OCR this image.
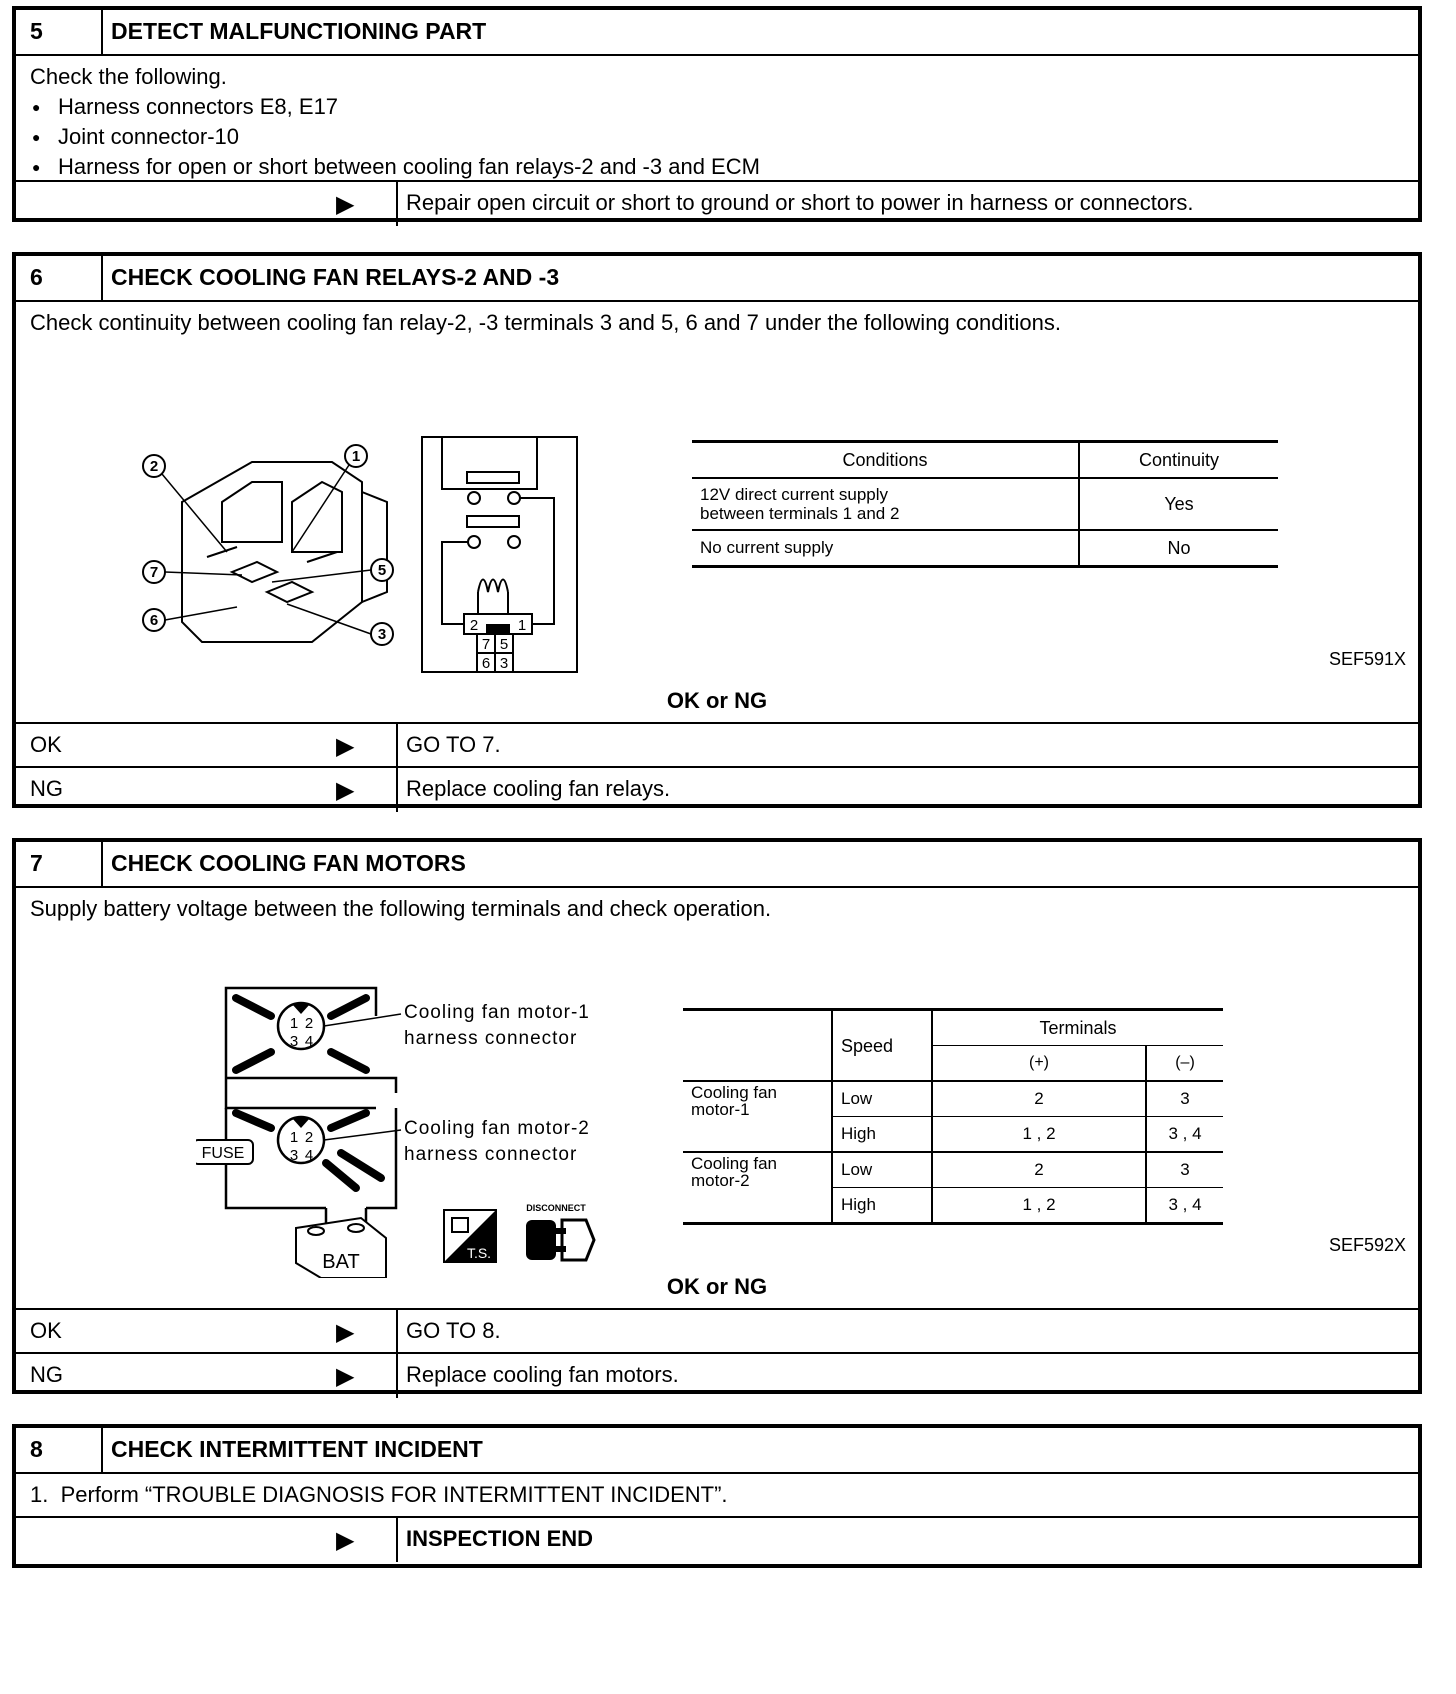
5	DETECT MALFUNCTIONING PART
Check the following.
● Harness connectors E8, E17
● Joint connector-10
● Harness for open or short between cooling fan relays-2 and -3 and ECM
▶	Repair open circuit or short to ground or short to power in harness or connectors.
6	CHECK COOLING FAN RELAYS-2 AND -3
Check continuity between cooling fan relay-2, -3 terminals 3 and 5, 6 and 7 under the following conditions.
2
1
7	5
6
3
2	1
7 5
6 3
Conditions	Continuity
12V direct current supply between terminals 1 and 2	Yes
No current supply	No
SEF591X
OK or NG
OK	▶	GO TO 7.
NG	▶	Replace cooling fan relays.
7	CHECK COOLING FAN MOTORS
Supply battery voltage between the following terminals and check operation.
1 2
3 4
1 2
3 4
Cooling fan motor-1
harness connector
Cooling fan motor-2
harness connector
FUSE
BAT	T.S.
DISCONNECT
	Speed	Terminals	
		(+)	(–)
Cooling fan motor-1	Low	2	3
	High	1 , 2	3 , 4
Cooling fan motor-2	Low	2	3
	High	1 , 2	3 , 4
SEF592X
OK or NG
OK	▶	GO TO 8.
NG	▶	Replace cooling fan motors.
8	CHECK INTERMITTENT INCIDENT
1.  Perform “TROUBLE DIAGNOSIS FOR INTERMITTENT INCIDENT”.
▶	INSPECTION END
